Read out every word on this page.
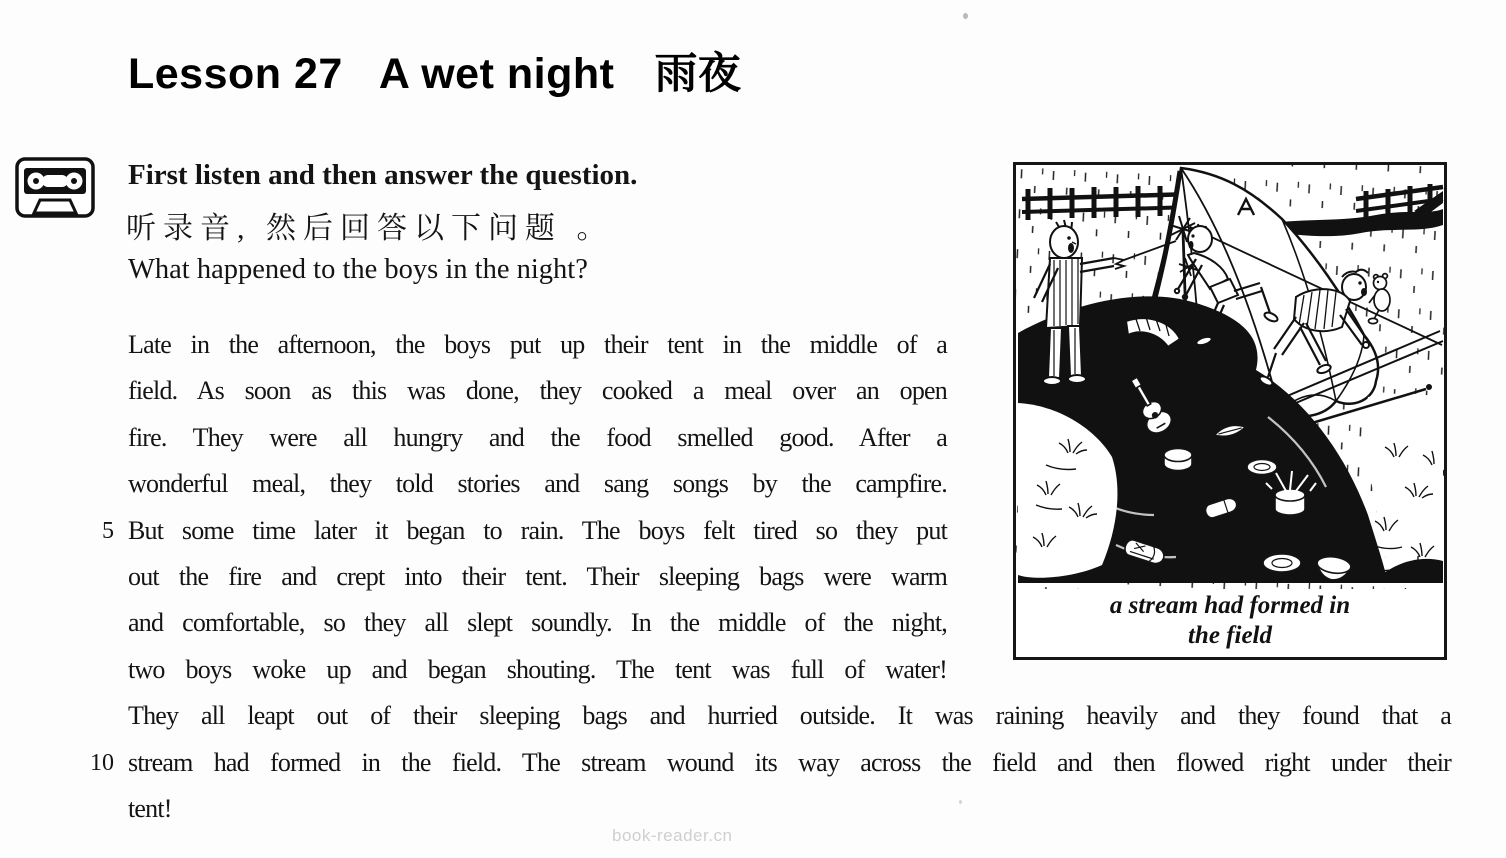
Lesson 27 A wet night 雨夜
First listen and then answer the question.
听录音, 然后回答以下问题 。
What happened to the boys in the night?
Late in the afternoon, the boys put up their tent in the middle of a
field. As soon as this was done, they cooked a meal over an open
fire. They were all hungry and the food smelled good. After a
wonderful meal, they told stories and sang songs by the campfire.
5 But some time later it began to rain. The boys felt tired so they put
out the fire and crept into their tent. Their sleeping bags were warm
and comfortable, so they all slept soundly. In the middle of the night,
two boys woke up and began shouting. The tent was full of water!
They all leapt out of their sleeping bags and hurried outside. It was raining heavily and they found that a
10 stream had formed in the field. The stream wound its way across the field and then flowed right under their
tent!
a stream had formed in
the field
book-reader.cn
